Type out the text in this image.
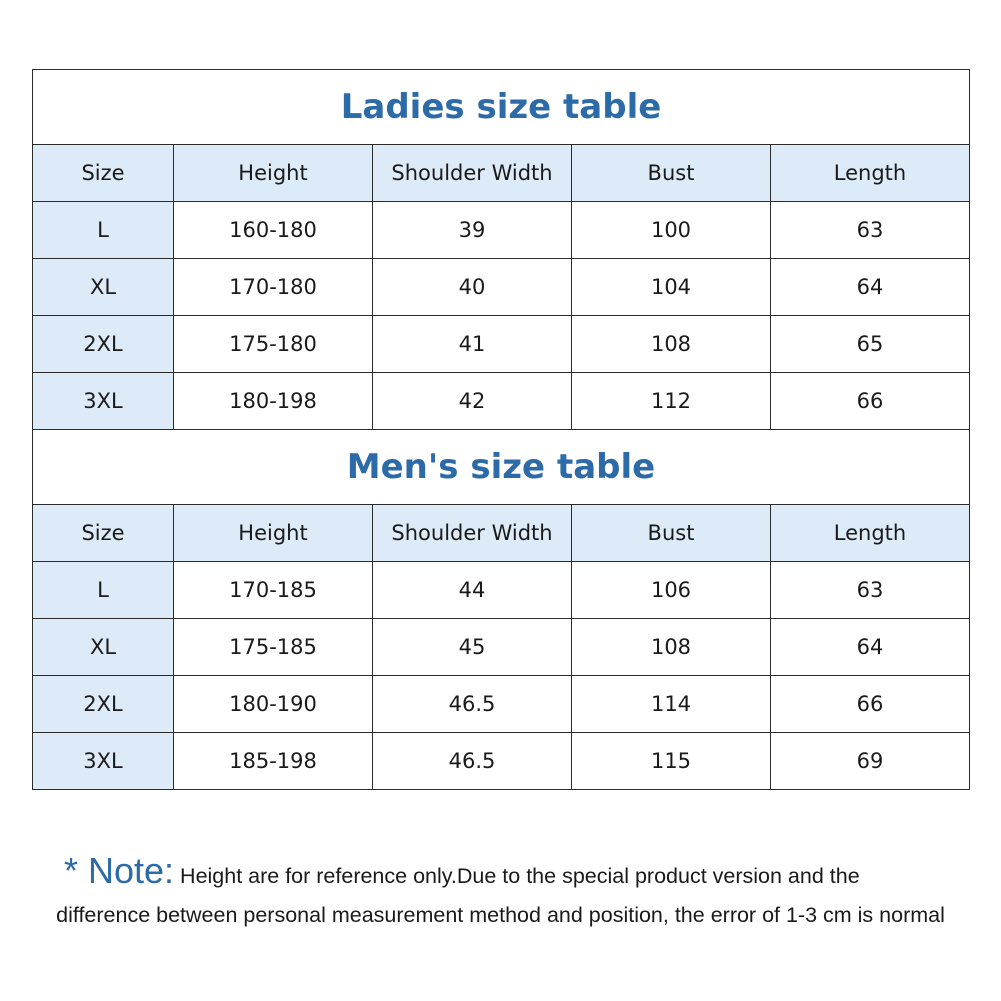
Ladies size table				
Size	Height	Shoulder Width	Bust	Length
L	160-180	39	100	63
XL	170-180	40	104	64
2XL	175-180	41	108	65
3XL	180-198	42	112	66
Men's size table				
Size	Height	Shoulder Width	Bust	Length
L	170-185	44	106	63
XL	175-185	45	108	64
2XL	180-190	46.5	114	66
3XL	185-198	46.5	115	69
* Note: Height are for reference only.Due to the special product version and the
difference between personal measurement method and position, the error of 1-3 cm is normal
